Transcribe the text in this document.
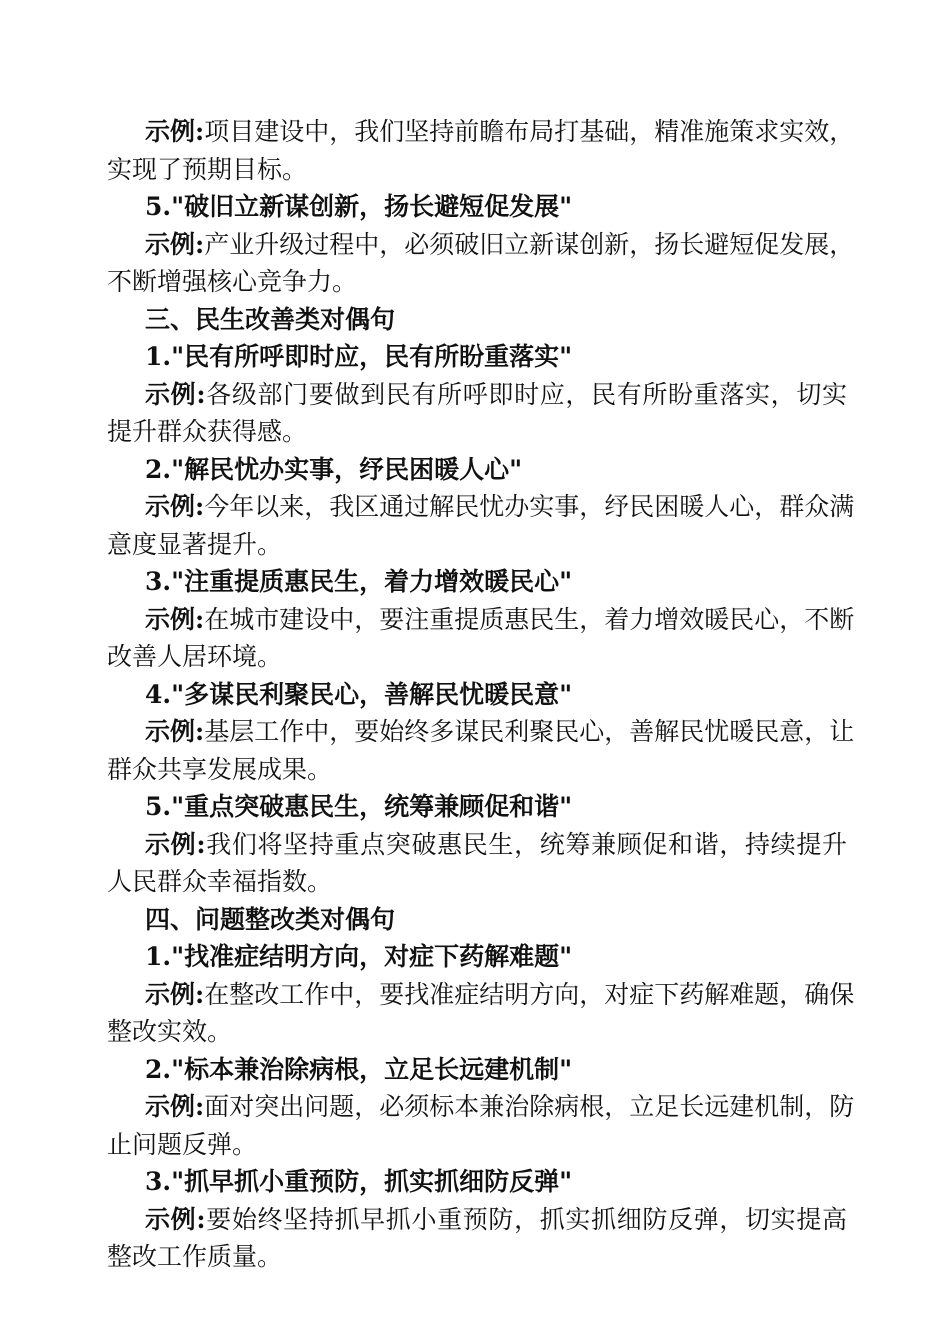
示例:项目建设中，我们坚持前瞻布局打基础，精准施策求实效，
实现了预期目标。
5."破旧立新谋创新，扬长避短促发展"
示例:产业升级过程中，必须破旧立新谋创新，扬长避短促发展，
不断增强核心竞争力。
三、民生改善类对偶句
1."民有所呼即时应，民有所盼重落实"
示例:各级部门要做到民有所呼即时应，民有所盼重落实，切实
提升群众获得感。
2."解民忧办实事，纾民困暖人心"
示例:今年以来，我区通过解民忧办实事，纾民困暖人心，群众满
意度显著提升。
3."注重提质惠民生，着力增效暖民心"
示例:在城市建设中，要注重提质惠民生，着力增效暖民心，不断
改善人居环境。
4."多谋民利聚民心，善解民忧暖民意"
示例:基层工作中，要始终多谋民利聚民心，善解民忧暖民意，让
群众共享发展成果。
5."重点突破惠民生，统筹兼顾促和谐"
示例:我们将坚持重点突破惠民生，统筹兼顾促和谐，持续提升
人民群众幸福指数。
四、问题整改类对偶句
1."找准症结明方向，对症下药解难题"
示例:在整改工作中，要找准症结明方向，对症下药解难题，确保
整改实效。
2."标本兼治除病根，立足长远建机制"
示例:面对突出问题，必须标本兼治除病根，立足长远建机制，防
止问题反弹。
3."抓早抓小重预防，抓实抓细防反弹"
示例:要始终坚持抓早抓小重预防，抓实抓细防反弹，切实提高
整改工作质量。
